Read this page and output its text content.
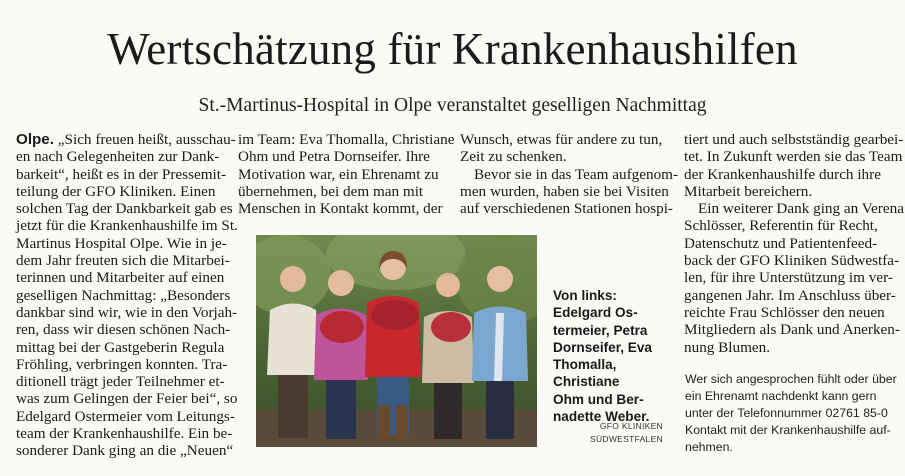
Wertschätzung für Krankenhaushilfen
St.-Martinus-Hospital in Olpe veranstaltet geselligen Nachmittag

Olpe. „Sich freuen heißt, ausschau-

en nach Gelegenheiten zur Dank-

barkeit“, heißt es in der Pressemit-

teilung der GFO Kliniken. Einen

solchen Tag der Dankbarkeit gab es

jetzt für die Krankenhaushilfe im St.

Martinus Hospital Olpe. Wie in je-

dem Jahr freuten sich die Mitarbei-

terinnen und Mitarbeiter auf einen

geselligen Nachmittag: „Besonders

dankbar sind wir, wie in den Vorjah-

ren, dass wir diesen schönen Nach-

mittag bei der Gastgeberin Regula

Fröhling, verbringen konnten. Tra-

ditionell trägt jeder Teilnehmer et-

was zum Gelingen der Feier bei“, so

Edelgard Ostermeier vom Leitungs-

team der Krankenhaushilfe. Ein be-

sonderer Dank ging an die „Neuen“

im Team: Eva Thomalla, Christiane

Ohm und Petra Dornseifer. Ihre

Motivation war, ein Ehrenamt zu

übernehmen, bei dem man mit

Menschen in Kontakt kommt, der

Wunsch, etwas für andere zu tun,

Zeit zu schenken.

Bevor sie in das Team aufgenom-

men wurden, haben sie bei Visiten

auf verschiedenen Stationen hospi-

tiert und auch selbstständig gearbei-

tet. In Zukunft werden sie das Team

der Krankenhaushilfe durch ihre

Mitarbeit bereichern.

Ein weiterer Dank ging an Verena

Schlösser, Referentin für Recht,

Datenschutz und Patientenfeed-

back der GFO Kliniken Südwestfa-

len, für ihre Unterstützung im ver-

gangenen Jahr. Im Anschluss über-

reichte Frau Schlösser den neuen

Mitgliedern als Dank und Anerken-

nung Blumen.

Von links:
Edelgard Os-
termeier, Petra
Dornseifer, Eva
Thomalla,
Christiane
Ohm und Ber-
nadette Weber.
GFO KLINIKEN
SÜDWESTFALEN

Wer sich angesprochen fühlt oder über

ein Ehrenamt nachdenkt kann gern

unter der Telefonnummer 02761 85-0

Kontakt mit der Krankenhaushilfe auf-

nehmen.
